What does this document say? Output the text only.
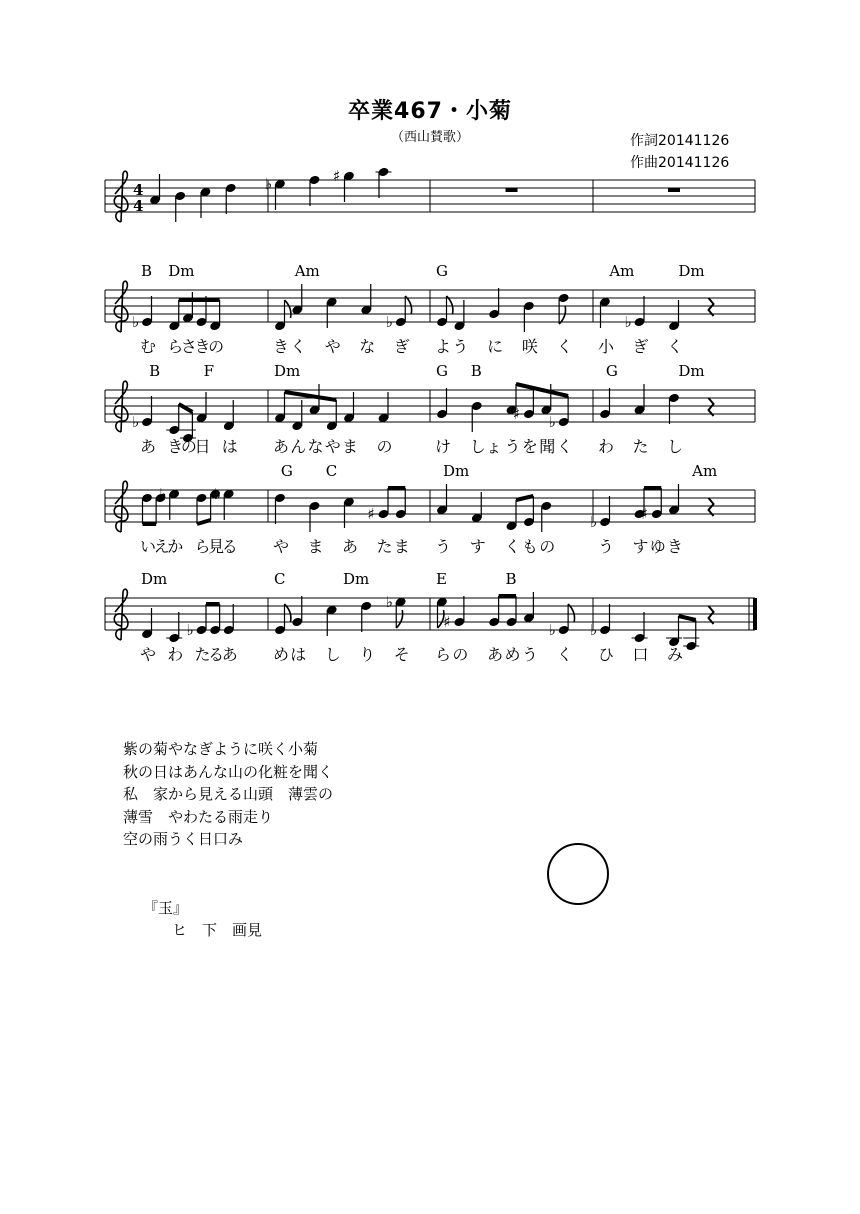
卒業467・小菊
（西山賛歌）	作詞20141126
作曲20141126
4
4
♭	♯
♭	♭	♭
B Dm	Am	G	Am	Dm
む ら
さ
き
の	き く や な ぎ よ う に 咲 く 小 ぎ く
♭	♯ ♭
B	F	Dm	G B	G	Dm
あ き
の
日 は あ ん な や ま の	け しょ う を 聞 く わ た し
♭	♭
♯	♭	♯
G C	Dm	Am
い
え
か ら
見
る や ま あ た ま う す く も の	う す ゆ き
♭
♭
♯	♭ ♭
Dm	C	Dm	E	B
や わ た
る
あ め は し り そ ら の あ め う く ひ 口 み
紫の菊やなぎように咲く小菊
秋の日はあんな山の化粧を聞く
私　家から見える山頭　薄雲の
薄雪　やわたる雨走り
空の雨うく日口み
『玉』
ヒ　下　画見
